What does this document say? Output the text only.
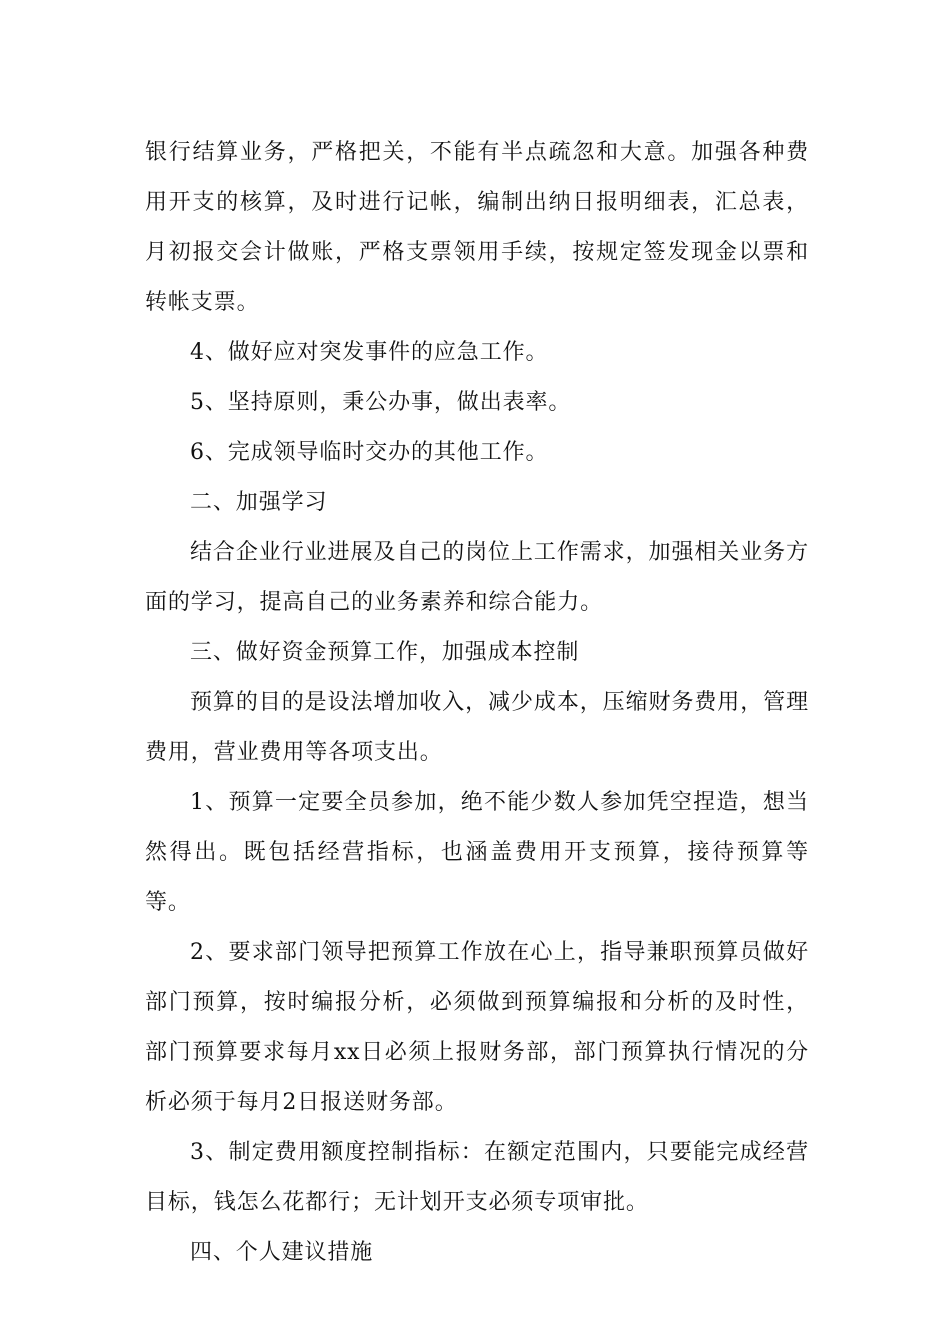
银行结算业务，严格把关，不能有半点疏忽和大意。加强各种费用开支的核算，及时进行记帐，编制出纳日报明细表，汇总表，月初报交会计做账，严格支票领用手续，按规定签发现金以票和转帐支票。

4、做好应对突发事件的应急工作。

5、坚持原则，秉公办事，做出表率。

6、完成领导临时交办的其他工作。

二、加强学习

结合企业行业进展及自己的岗位上工作需求，加强相关业务方面的学习，提高自己的业务素养和综合能力。

三、做好资金预算工作，加强成本控制

预算的目的是设法增加收入，减少成本，压缩财务费用，管理费用，营业费用等各项支出。

1、预算一定要全员参加，绝不能少数人参加凭空捏造，想当然得出。既包括经营指标，也涵盖费用开支预算，接待预算等等。

2、要求部门领导把预算工作放在心上，指导兼职预算员做好部门预算，按时编报分析，必须做到预算编报和分析的及时性，部门预算要求每月xx日必须上报财务部，部门预算执行情况的分析必须于每月2日报送财务部。

3、制定费用额度控制指标：在额定范围内，只要能完成经营目标，钱怎么花都行；无计划开支必须专项审批。

四、个人建议措施
